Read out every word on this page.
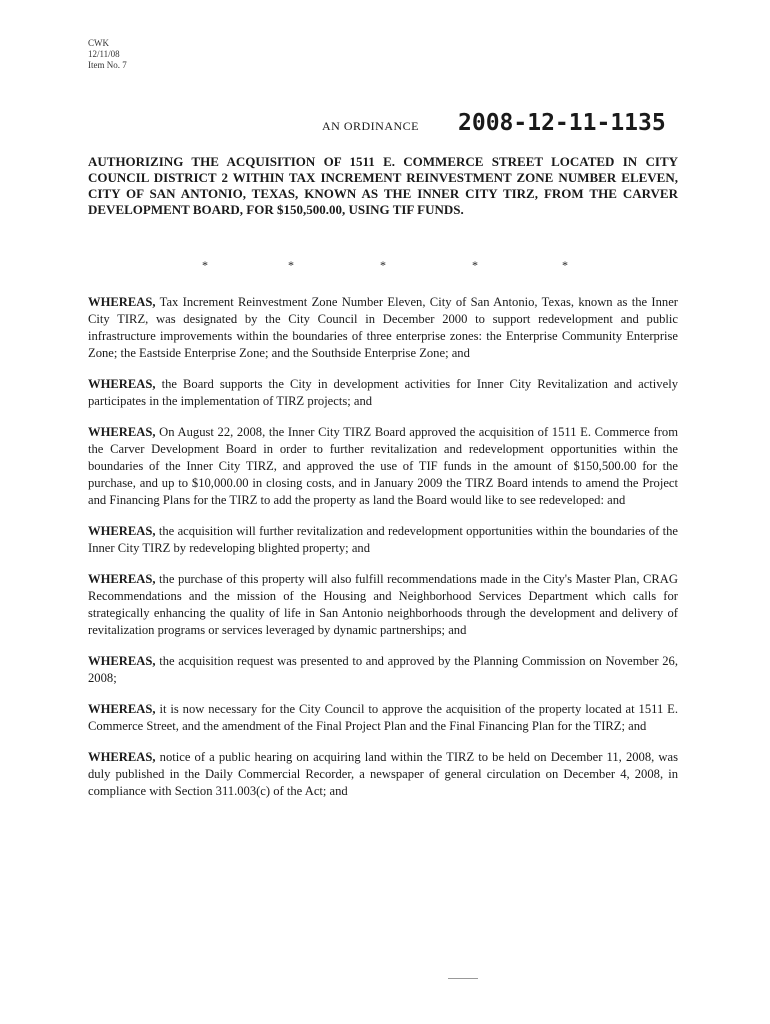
CWK
12/11/08
Item No. 7
AN ORDINANCE 2008-12-11-1135
AUTHORIZING THE ACQUISITION OF 1511 E. COMMERCE STREET LOCATED IN CITY COUNCIL DISTRICT 2 WITHIN TAX INCREMENT REINVESTMENT ZONE NUMBER ELEVEN, CITY OF SAN ANTONIO, TEXAS, KNOWN AS THE INNER CITY TIRZ, FROM THE CARVER DEVELOPMENT BOARD, FOR $150,500.00, USING TIF FUNDS.
*	*	*	*	*

WHEREAS, Tax Increment Reinvestment Zone Number Eleven, City of San Antonio, Texas, known as the Inner City TIRZ, was designated by the City Council in December 2000 to support redevelopment and public infrastructure improvements within the boundaries of three enterprise zones: the Enterprise Community Enterprise Zone; the Eastside Enterprise Zone; and the Southside Enterprise Zone; and

WHEREAS, the Board supports the City in development activities for Inner City Revitalization and actively participates in the implementation of TIRZ projects; and

WHEREAS, On August 22, 2008, the Inner City TIRZ Board approved the acquisition of 1511 E. Commerce from the Carver Development Board in order to further revitalization and redevelopment opportunities within the boundaries of the Inner City TIRZ, and approved the use of TIF funds in the amount of $150,500.00 for the purchase, and up to $10,000.00 in closing costs, and in January 2009 the TIRZ Board intends to amend the Project and Financing Plans for the TIRZ to add the property as land the Board would like to see redeveloped: and

WHEREAS, the acquisition will further revitalization and redevelopment opportunities within the boundaries of the Inner City TIRZ by redeveloping blighted property; and

WHEREAS, the purchase of this property will also fulfill recommendations made in the City's Master Plan, CRAG Recommendations and the mission of the Housing and Neighborhood Services Department which calls for strategically enhancing the quality of life in San Antonio neighborhoods through the development and delivery of revitalization programs or services leveraged by dynamic partnerships; and

WHEREAS, the acquisition request was presented to and approved by the Planning Commission on November 26, 2008;

WHEREAS, it is now necessary for the City Council to approve the acquisition of the property located at 1511 E. Commerce Street, and the amendment of the Final Project Plan and the Final Financing Plan for the TIRZ; and

WHEREAS, notice of a public hearing on acquiring land within the TIRZ to be held on December 11, 2008, was duly published in the Daily Commercial Recorder, a newspaper of general circulation on December 4, 2008, in compliance with Section 311.003(c) of the Act; and
